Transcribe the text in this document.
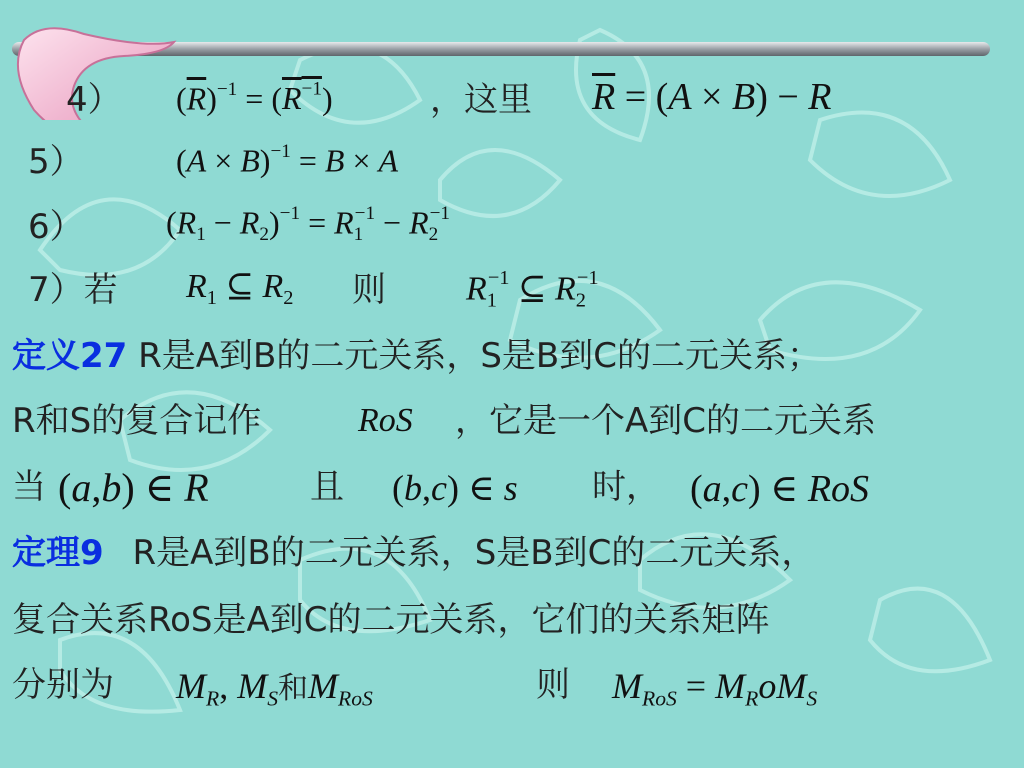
4） $(\overline{R})^{-1} = (R^{-1})$	，这里 $\overline{R} = (A \times B) - R$
5）	$(A \times B)^{-1} = B \times A$
6）	$(R_1 - R_2)^{-1} = R_1^{-1} - R_2^{-1}$
7）若 $R_1$ ⊆ $R_2$ 则 $R_1^{-1}$ ⊆ $R_2^{-1}$
定义27 R是A到B的二元关系，S是B到C的二元关系；
R和S的复合记作	RoS ，它是一个A到C的二元关系
当 (a,b) ∈ R	且 (b,c) ∈ s 时， (a,c) ∈ RoS
定理9 R是A到B的二元关系，S是B到C的二元关系，
复合关系RoS是A到C的二元关系，它们的关系矩阵
分别为 $M_R$, $M_S$和$M_{RoS}$	则 $M_{RoS} = M_RoM_S$
